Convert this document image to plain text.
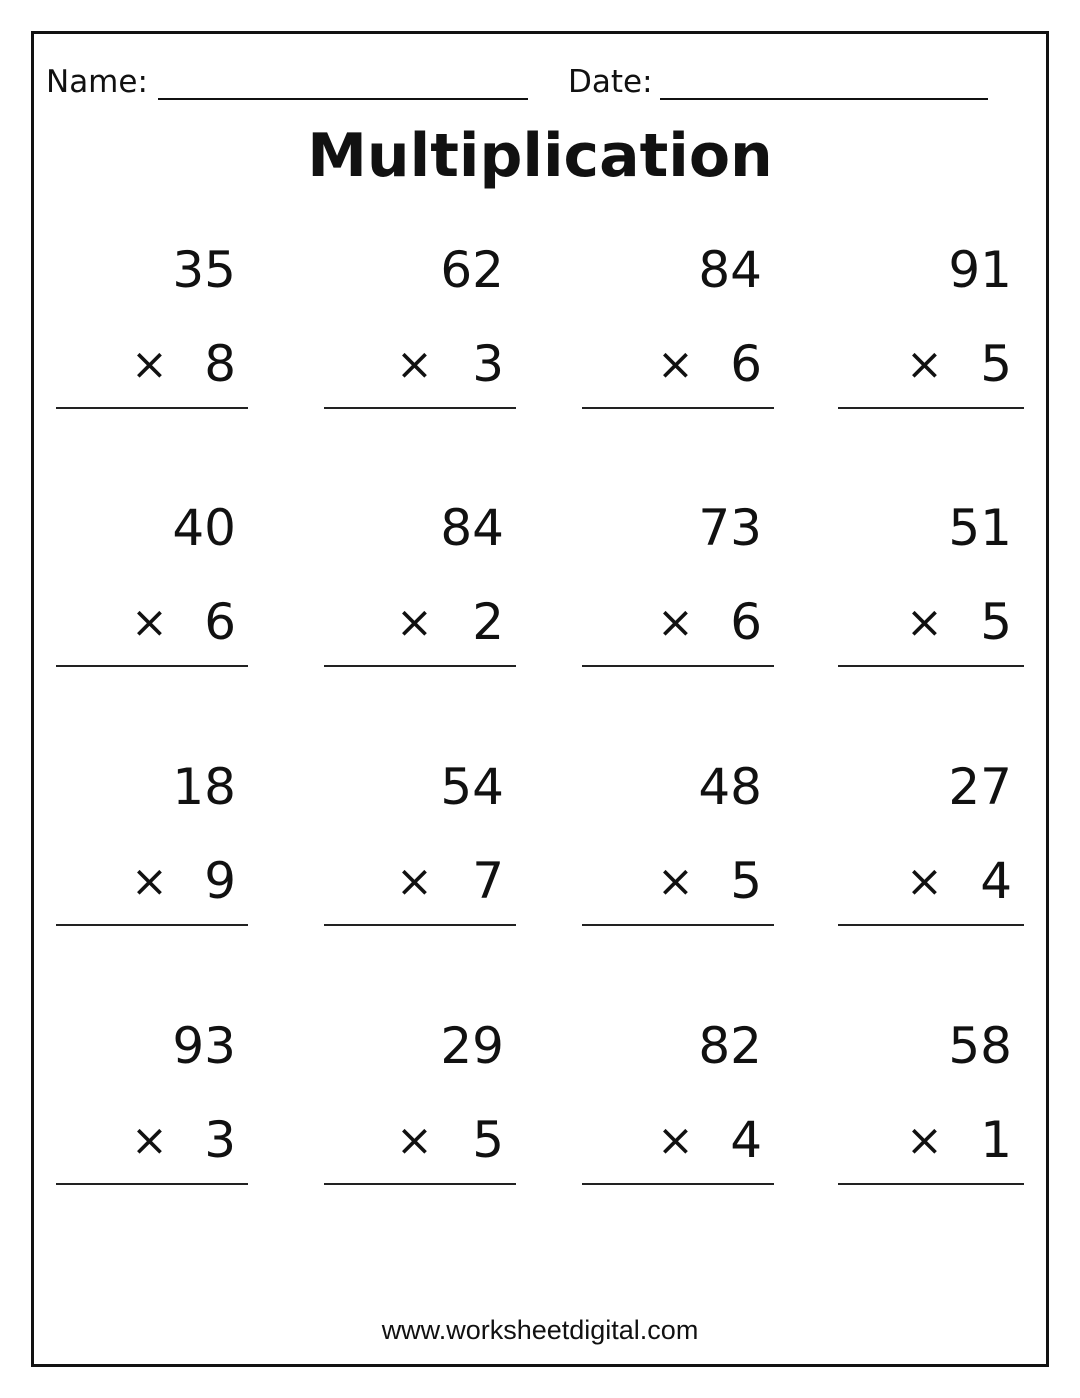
Name:	Date:
Multiplication
35
× 8
62
× 3
84
× 6
91
× 5
40
× 6
84
× 2
73
× 6
51
× 5
18
× 9
54
× 7
48
× 5
27
× 4
93
× 3
29
× 5
82
× 4
58
× 1
www.worksheetdigital.com
